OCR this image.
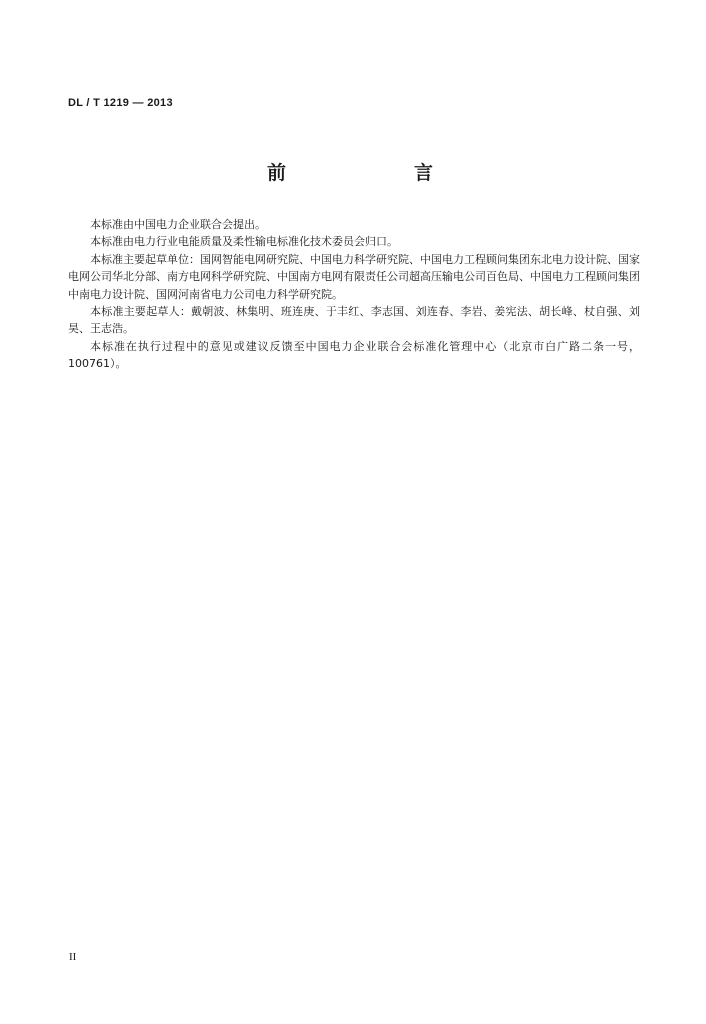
DL / T 1219 — 2013
前　　言

本标准由中国电力企业联合会提出。

本标准由电力行业电能质量及柔性输电标准化技术委员会归口。

本标准主要起草单位：国网智能电网研究院、中国电力科学研究院、中国电力工程顾问集团东北电力设计院、国家电网公司华北分部、南方电网科学研究院、中国南方电网有限责任公司超高压输电公司百色局、中国电力工程顾问集团中南电力设计院、国网河南省电力公司电力科学研究院。

本标准主要起草人：戴朝波、林集明、班连庚、于丰红、李志国、刘连春、李岩、姜宪法、胡长峰、杖自强、刘昊、王志浩。

本标准在执行过程中的意见或建议反馈至中国电力企业联合会标准化管理中心（北京市白广路二条一号，100761）。

II
